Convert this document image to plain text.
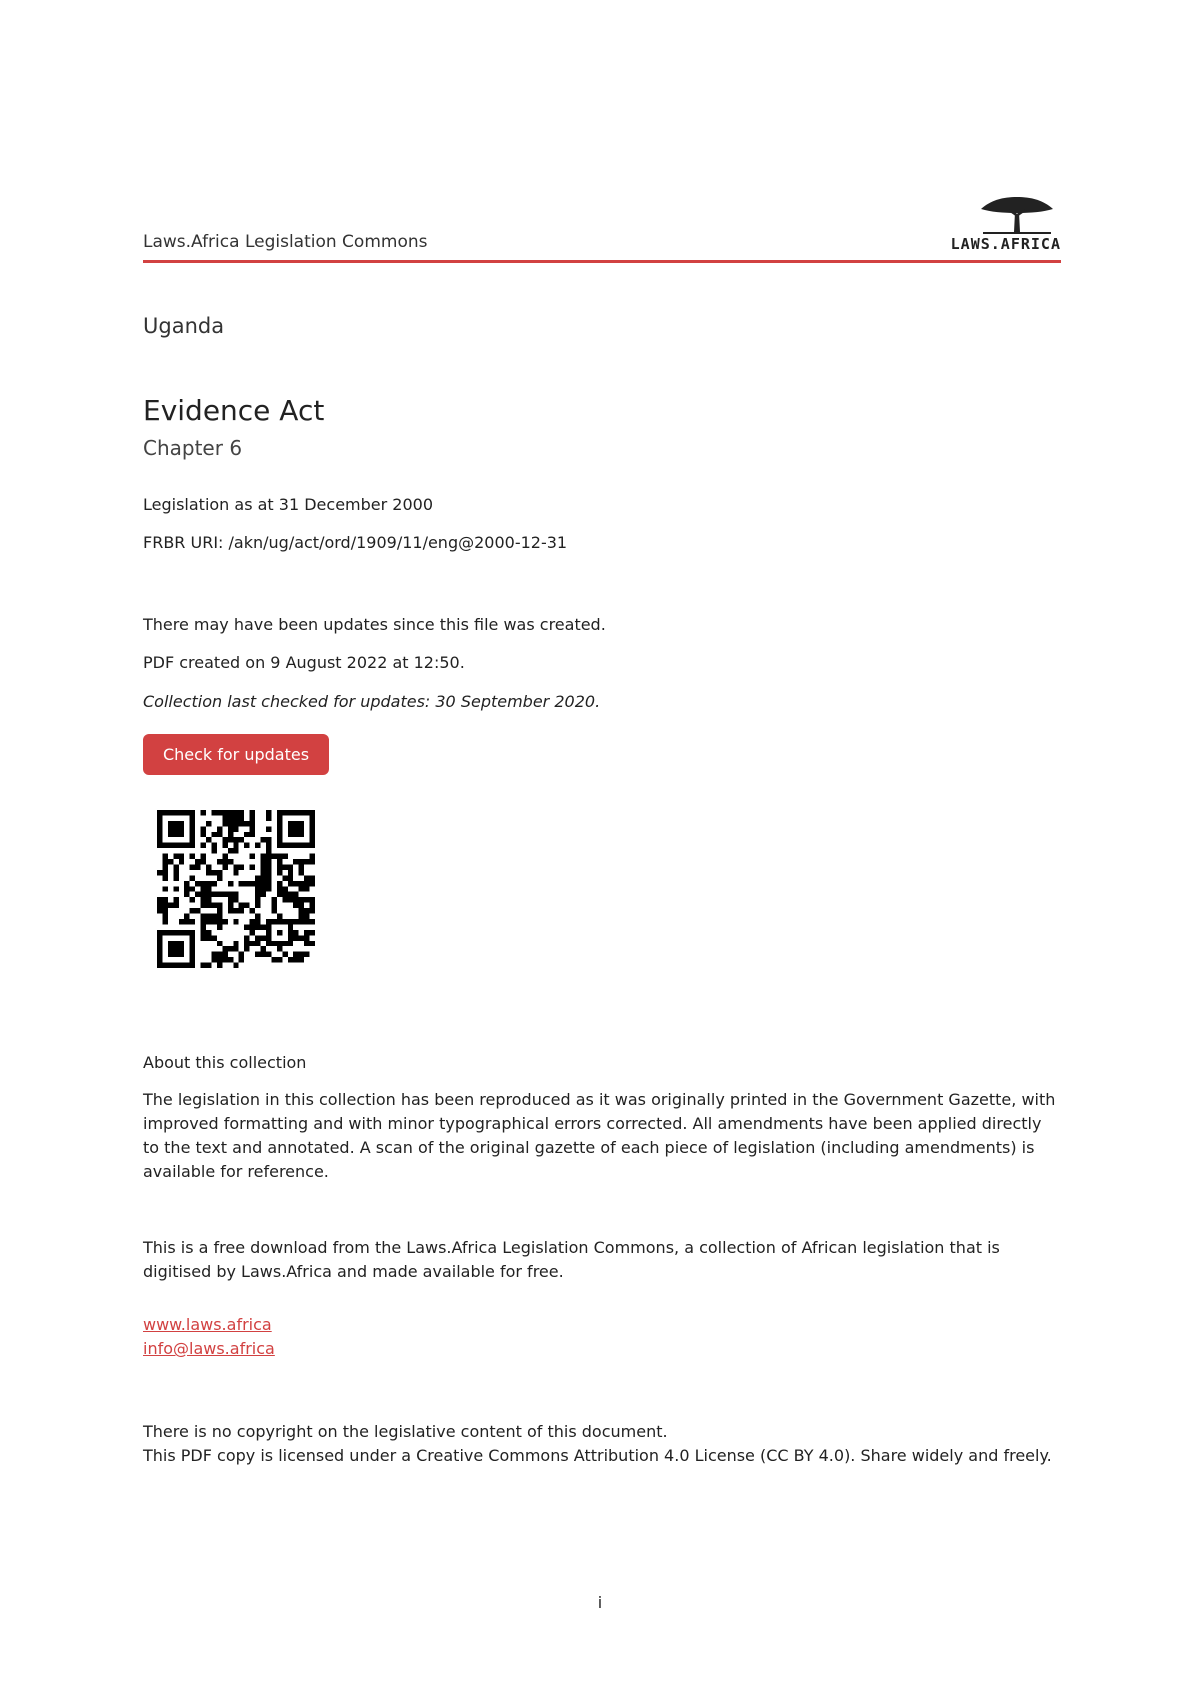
Laws.Africa Legislation Commons	LAWS.AFRICA
Uganda
Evidence Act
Chapter 6
Legislation as at 31 December 2000
FRBR URI: /akn/ug/act/ord/1909/11/eng@2000-12-31
There may have been updates since this file was created.
PDF created on 9 August 2022 at 12:50.
Collection last checked for updates: 30 September 2020.
Check for updates
About this collection
The legislation in this collection has been reproduced as it was originally printed in the Government Gazette, with improved formatting and with minor typographical errors corrected. All amendments have been applied directly to the text and annotated. A scan of the original gazette of each piece of legislation (including amendments) is available for reference.
This is a free download from the Laws.Africa Legislation Commons, a collection of African legislation that is digitised by Laws.Africa and made available for free.
www.laws.africa
info@laws.africa
There is no copyright on the legislative content of this document.
This PDF copy is licensed under a Creative Commons Attribution 4.0 License (CC BY 4.0). Share widely and freely.
i
